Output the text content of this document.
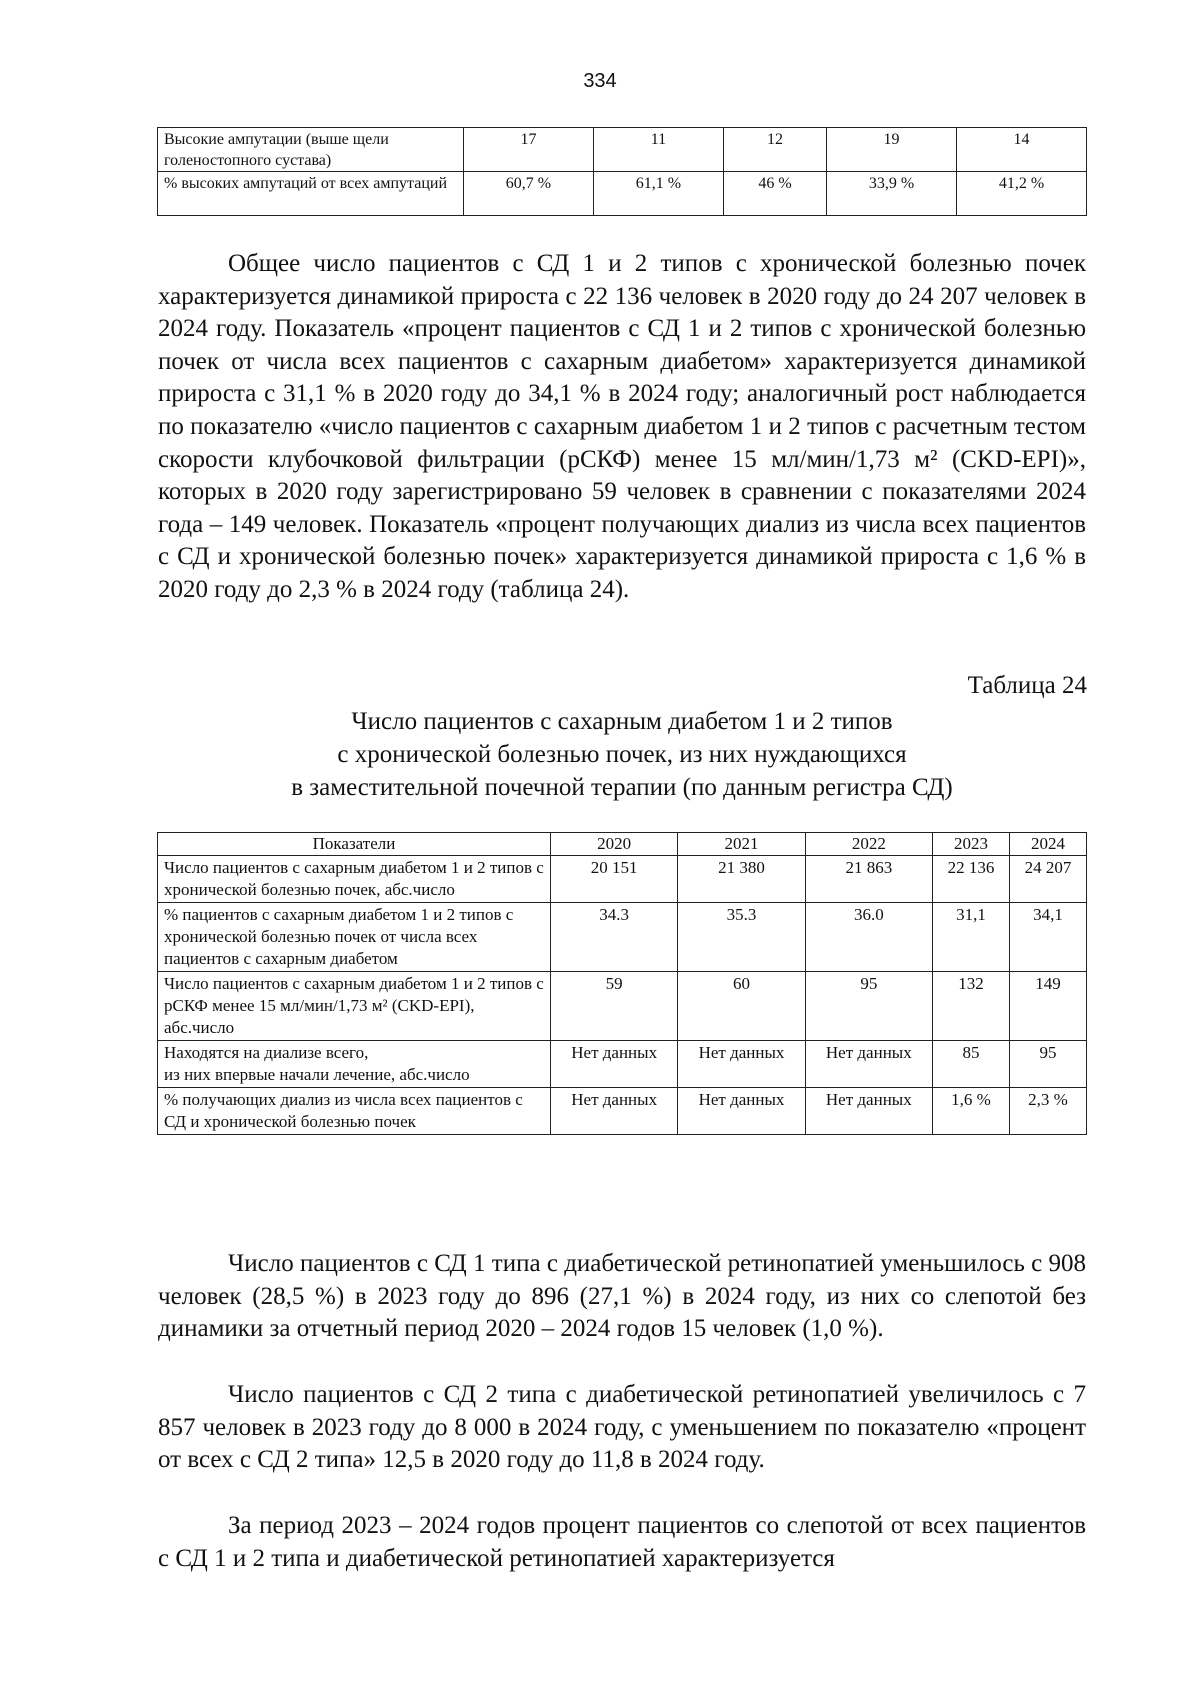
334
Высокие ампутации (выше щели голеностопного сустава)	17	11	12	19	14
% высоких ампутаций от всех ампутаций	60,7 %	61,1 %	46 %	33,9 %	41,2 %

Общее число пациентов с СД 1 и 2 типов с хронической болезнью почек характеризуется динамикой прироста с 22 136 человек в 2020 году до 24 207 человек в 2024 году. Показатель «процент пациентов с СД 1 и 2 типов с хронической болезнью почек от числа всех пациентов с сахарным диабетом» характеризуется динамикой прироста с 31,1 % в 2020 году до 34,1 % в 2024 году; аналогичный рост наблюдается по показателю «число пациентов с сахарным диабетом 1 и 2 типов с расчетным тестом скорости клубочковой фильтрации (рСКФ) менее 15 мл/мин/1,73 м² (CKD-EPI)», которых в 2020 году зарегистрировано 59 человек в сравнении с показателями 2024 года – 149 человек. Показатель «процент получающих диализ из числа всех пациентов с СД и хронической болезнью почек» характеризуется динамикой прироста с 1,6 % в 2020 году до 2,3 % в 2024 году (таблица 24).

Таблица 24
Число пациентов с сахарным диабетом 1 и 2 типов
с хронической болезнью почек, из них нуждающихся
в заместительной почечной терапии (по данным регистра СД)
Показатели	2020	2021	2022	2023	2024
Число пациентов с сахарным диабетом 1 и 2 типов с хронической болезнью почек, абс.число	20 151	21 380	21 863	22 136	24 207
% пациентов с сахарным диабетом 1 и 2 типов с хронической болезнью почек от числа всех пациентов с сахарным диабетом	34.3	35.3	36.0	31,1	34,1
Число пациентов с сахарным диабетом 1 и 2 типов с рСКФ менее 15 мл/мин/1,73 м² (CKD-EPI), абс.число	59	60	95	132	149

Находятся на диализе всего,
из них впервые начали лечение, абс.число	Нет данных	Нет данных	Нет данных	85	95
% получающих диализ из числа всех пациентов с СД и хронической болезнью почек	Нет данных	Нет данных	Нет данных	1,6 %	2,3 %

Число пациентов с СД 1 типа с диабетической ретинопатией уменьшилось с 908 человек (28,5 %) в 2023 году до 896 (27,1 %) в 2024 году, из них со слепотой без динамики за отчетный период 2020 – 2024 годов 15 человек (1,0 %).

Число пациентов с СД 2 типа с диабетической ретинопатией увеличилось с 7 857 человек в 2023 году до 8 000 в 2024 году, с уменьшением по показателю «процент от всех с СД 2 типа» 12,5 в 2020 году до 11,8 в 2024 году.

За период 2023 – 2024 годов процент пациентов со слепотой от всех пациентов с СД 1 и 2 типа и диабетической ретинопатией характеризуется
